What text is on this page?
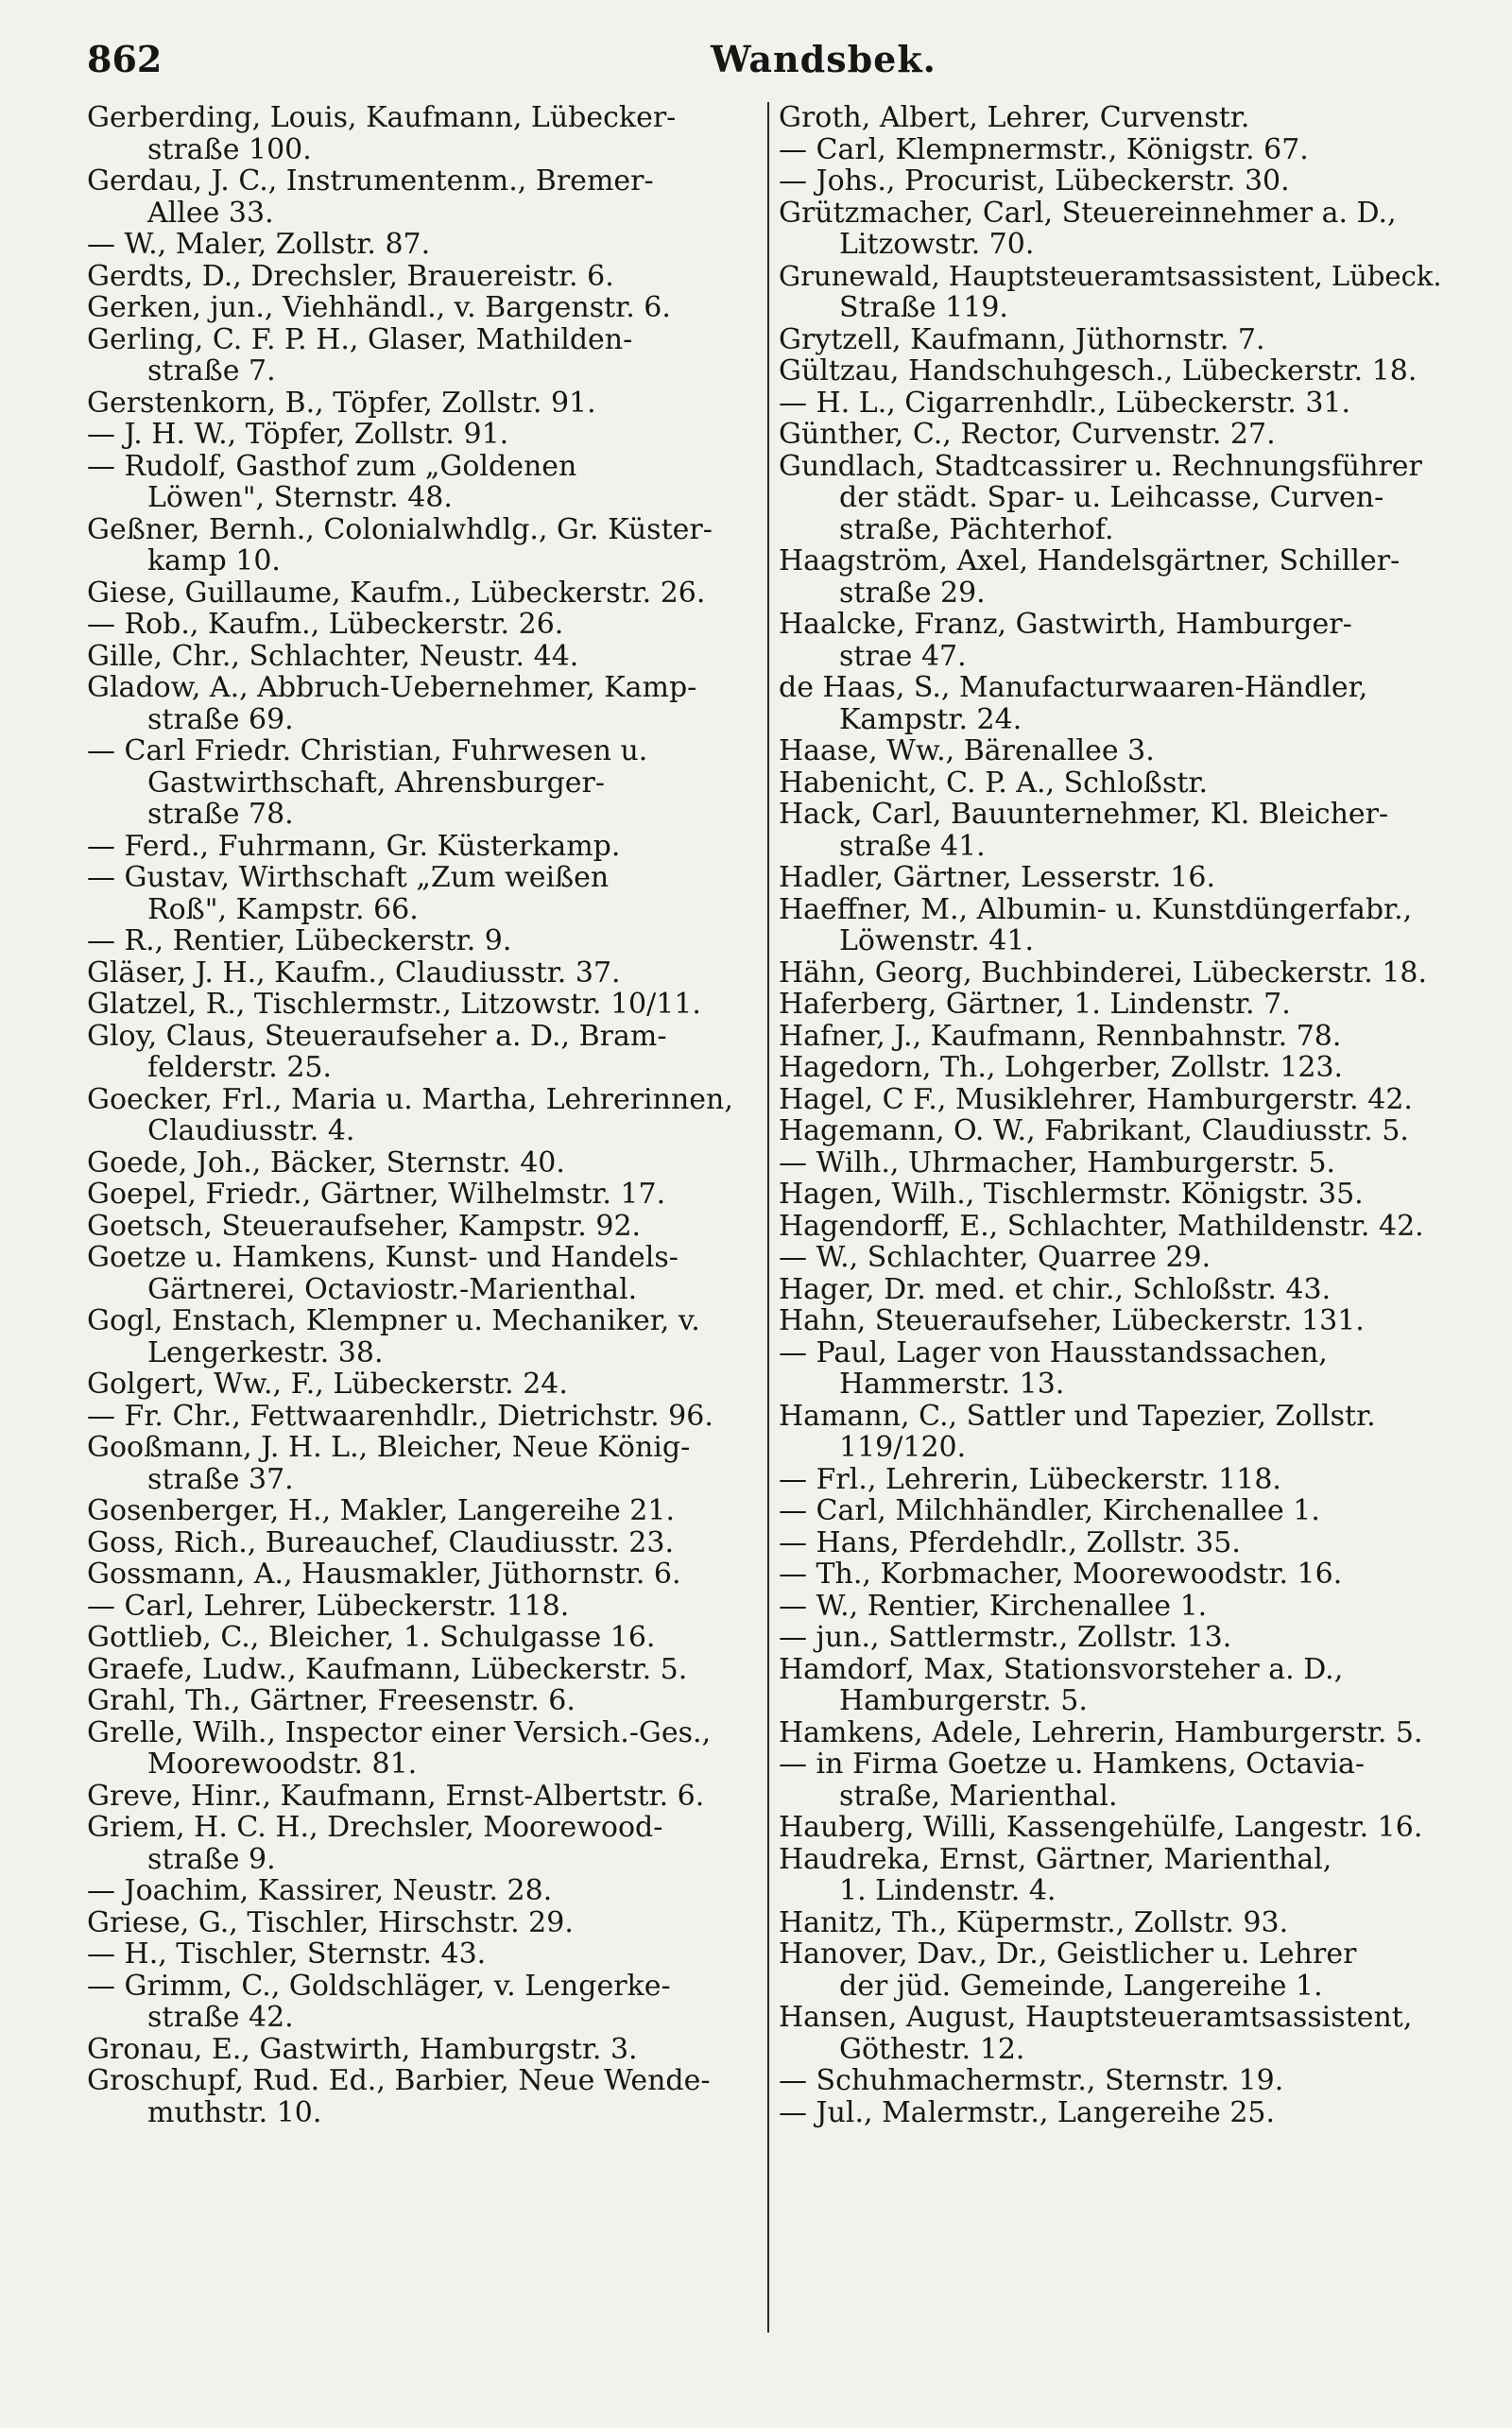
862	Wandsbek.
Gerberding, Louis, Kaufmann, Lübecker-
straße 100.
Gerdau, J. C., Instrumentenm., Bremer-
Allee 33.
— W., Maler, Zollstr. 87.
Gerdts, D., Drechsler, Brauereistr. 6.
Gerken, jun., Viehhändl., v. Bargenstr. 6.
Gerling, C. F. P. H., Glaser, Mathilden-
straße 7.
Gerstenkorn, B., Töpfer, Zollstr. 91.
— J. H. W., Töpfer, Zollstr. 91.
— Rudolf, Gasthof zum „Goldenen
Löwen", Sternstr. 48.
Geßner, Bernh., Colonialwhdlg., Gr. Küster-
kamp 10.
Giese, Guillaume, Kaufm., Lübeckerstr. 26.
— Rob., Kaufm., Lübeckerstr. 26.
Gille, Chr., Schlachter, Neustr. 44.
Gladow, A., Abbruch-Uebernehmer, Kamp-
straße 69.
— Carl Friedr. Christian, Fuhrwesen u.
Gastwirthschaft, Ahrensburger-
straße 78.
— Ferd., Fuhrmann, Gr. Küsterkamp.
— Gustav, Wirthschaft „Zum weißen
Roß", Kampstr. 66.
— R., Rentier, Lübeckerstr. 9.
Gläser, J. H., Kaufm., Claudiusstr. 37.
Glatzel, R., Tischlermstr., Litzowstr. 10/11.
Gloy, Claus, Steueraufseher a. D., Bram-
felderstr. 25.
Goecker, Frl., Maria u. Martha, Lehrerinnen,
Claudiusstr. 4.
Goede, Joh., Bäcker, Sternstr. 40.
Goepel, Friedr., Gärtner, Wilhelmstr. 17.
Goetsch, Steueraufseher, Kampstr. 92.
Goetze u. Hamkens, Kunst- und Handels-
Gärtnerei, Octaviostr.-Marienthal.
Gogl, Enstach, Klempner u. Mechaniker, v.
Lengerkestr. 38.
Golgert, Ww., F., Lübeckerstr. 24.
— Fr. Chr., Fettwaarenhdlr., Dietrichstr. 96.
Gooßmann, J. H. L., Bleicher, Neue König-
straße 37.
Gosenberger, H., Makler, Langereihe 21.
Goss, Rich., Bureauchef, Claudiusstr. 23.
Gossmann, A., Hausmakler, Jüthornstr. 6.
— Carl, Lehrer, Lübeckerstr. 118.
Gottlieb, C., Bleicher, 1. Schulgasse 16.
Graefe, Ludw., Kaufmann, Lübeckerstr. 5.
Grahl, Th., Gärtner, Freesenstr. 6.
Grelle, Wilh., Inspector einer Versich.-Ges.,
Moorewoodstr. 81.
Greve, Hinr., Kaufmann, Ernst-Albertstr. 6.
Griem, H. C. H., Drechsler, Moorewood-
straße 9.
— Joachim, Kassirer, Neustr. 28.
Griese, G., Tischler, Hirschstr. 29.
— H., Tischler, Sternstr. 43.
— Grimm, C., Goldschläger, v. Lengerke-
straße 42.
Gronau, E., Gastwirth, Hamburgstr. 3.
Groschupf, Rud. Ed., Barbier, Neue Wende-
muthstr. 10.
Groth, Albert, Lehrer, Curvenstr.
— Carl, Klempnermstr., Königstr. 67.
— Johs., Procurist, Lübeckerstr. 30.
Grützmacher, Carl, Steuereinnehmer a. D.,
Litzowstr. 70.
Grunewald, Hauptsteueramtsassistent, Lübeck.
Straße 119.
Grytzell, Kaufmann, Jüthornstr. 7.
Gültzau, Handschuhgesch., Lübeckerstr. 18.
— H. L., Cigarrenhdlr., Lübeckerstr. 31.
Günther, C., Rector, Curvenstr. 27.
Gundlach, Stadtcassirer u. Rechnungsführer
der städt. Spar- u. Leihcasse, Curven-
straße, Pächterhof.
Haagström, Axel, Handelsgärtner, Schiller-
straße 29.
Haalcke, Franz, Gastwirth, Hamburger-
strae 47.
de Haas, S., Manufacturwaaren-Händler,
Kampstr. 24.
Haase, Ww., Bärenallee 3.
Habenicht, C. P. A., Schloßstr.
Hack, Carl, Bauunternehmer, Kl. Bleicher-
straße 41.
Hadler, Gärtner, Lesserstr. 16.
Haeffner, M., Albumin- u. Kunstdüngerfabr.,
Löwenstr. 41.
Hähn, Georg, Buchbinderei, Lübeckerstr. 18.
Haferberg, Gärtner, 1. Lindenstr. 7.
Hafner, J., Kaufmann, Rennbahnstr. 78.
Hagedorn, Th., Lohgerber, Zollstr. 123.
Hagel, C F., Musiklehrer, Hamburgerstr. 42.
Hagemann, O. W., Fabrikant, Claudiusstr. 5.
— Wilh., Uhrmacher, Hamburgerstr. 5.
Hagen, Wilh., Tischlermstr. Königstr. 35.
Hagendorff, E., Schlachter, Mathildenstr. 42.
— W., Schlachter, Quarree 29.
Hager, Dr. med. et chir., Schloßstr. 43.
Hahn, Steueraufseher, Lübeckerstr. 131.
— Paul, Lager von Hausstandssachen,
Hammerstr. 13.
Hamann, C., Sattler und Tapezier, Zollstr.
119/120.
— Frl., Lehrerin, Lübeckerstr. 118.
— Carl, Milchhändler, Kirchenallee 1.
— Hans, Pferdehdlr., Zollstr. 35.
— Th., Korbmacher, Moorewoodstr. 16.
— W., Rentier, Kirchenallee 1.
— jun., Sattlermstr., Zollstr. 13.
Hamdorf, Max, Stationsvorsteher a. D.,
Hamburgerstr. 5.
Hamkens, Adele, Lehrerin, Hamburgerstr. 5.
— in Firma Goetze u. Hamkens, Octavia-
straße, Marienthal.
Hauberg, Willi, Kassengehülfe, Langestr. 16.
Haudreka, Ernst, Gärtner, Marienthal,
1. Lindenstr. 4.
Hanitz, Th., Küpermstr., Zollstr. 93.
Hanover, Dav., Dr., Geistlicher u. Lehrer
der jüd. Gemeinde, Langereihe 1.
Hansen, August, Hauptsteueramtsassistent,
Göthestr. 12.
— Schuhmachermstr., Sternstr. 19.
— Jul., Malermstr., Langereihe 25.
